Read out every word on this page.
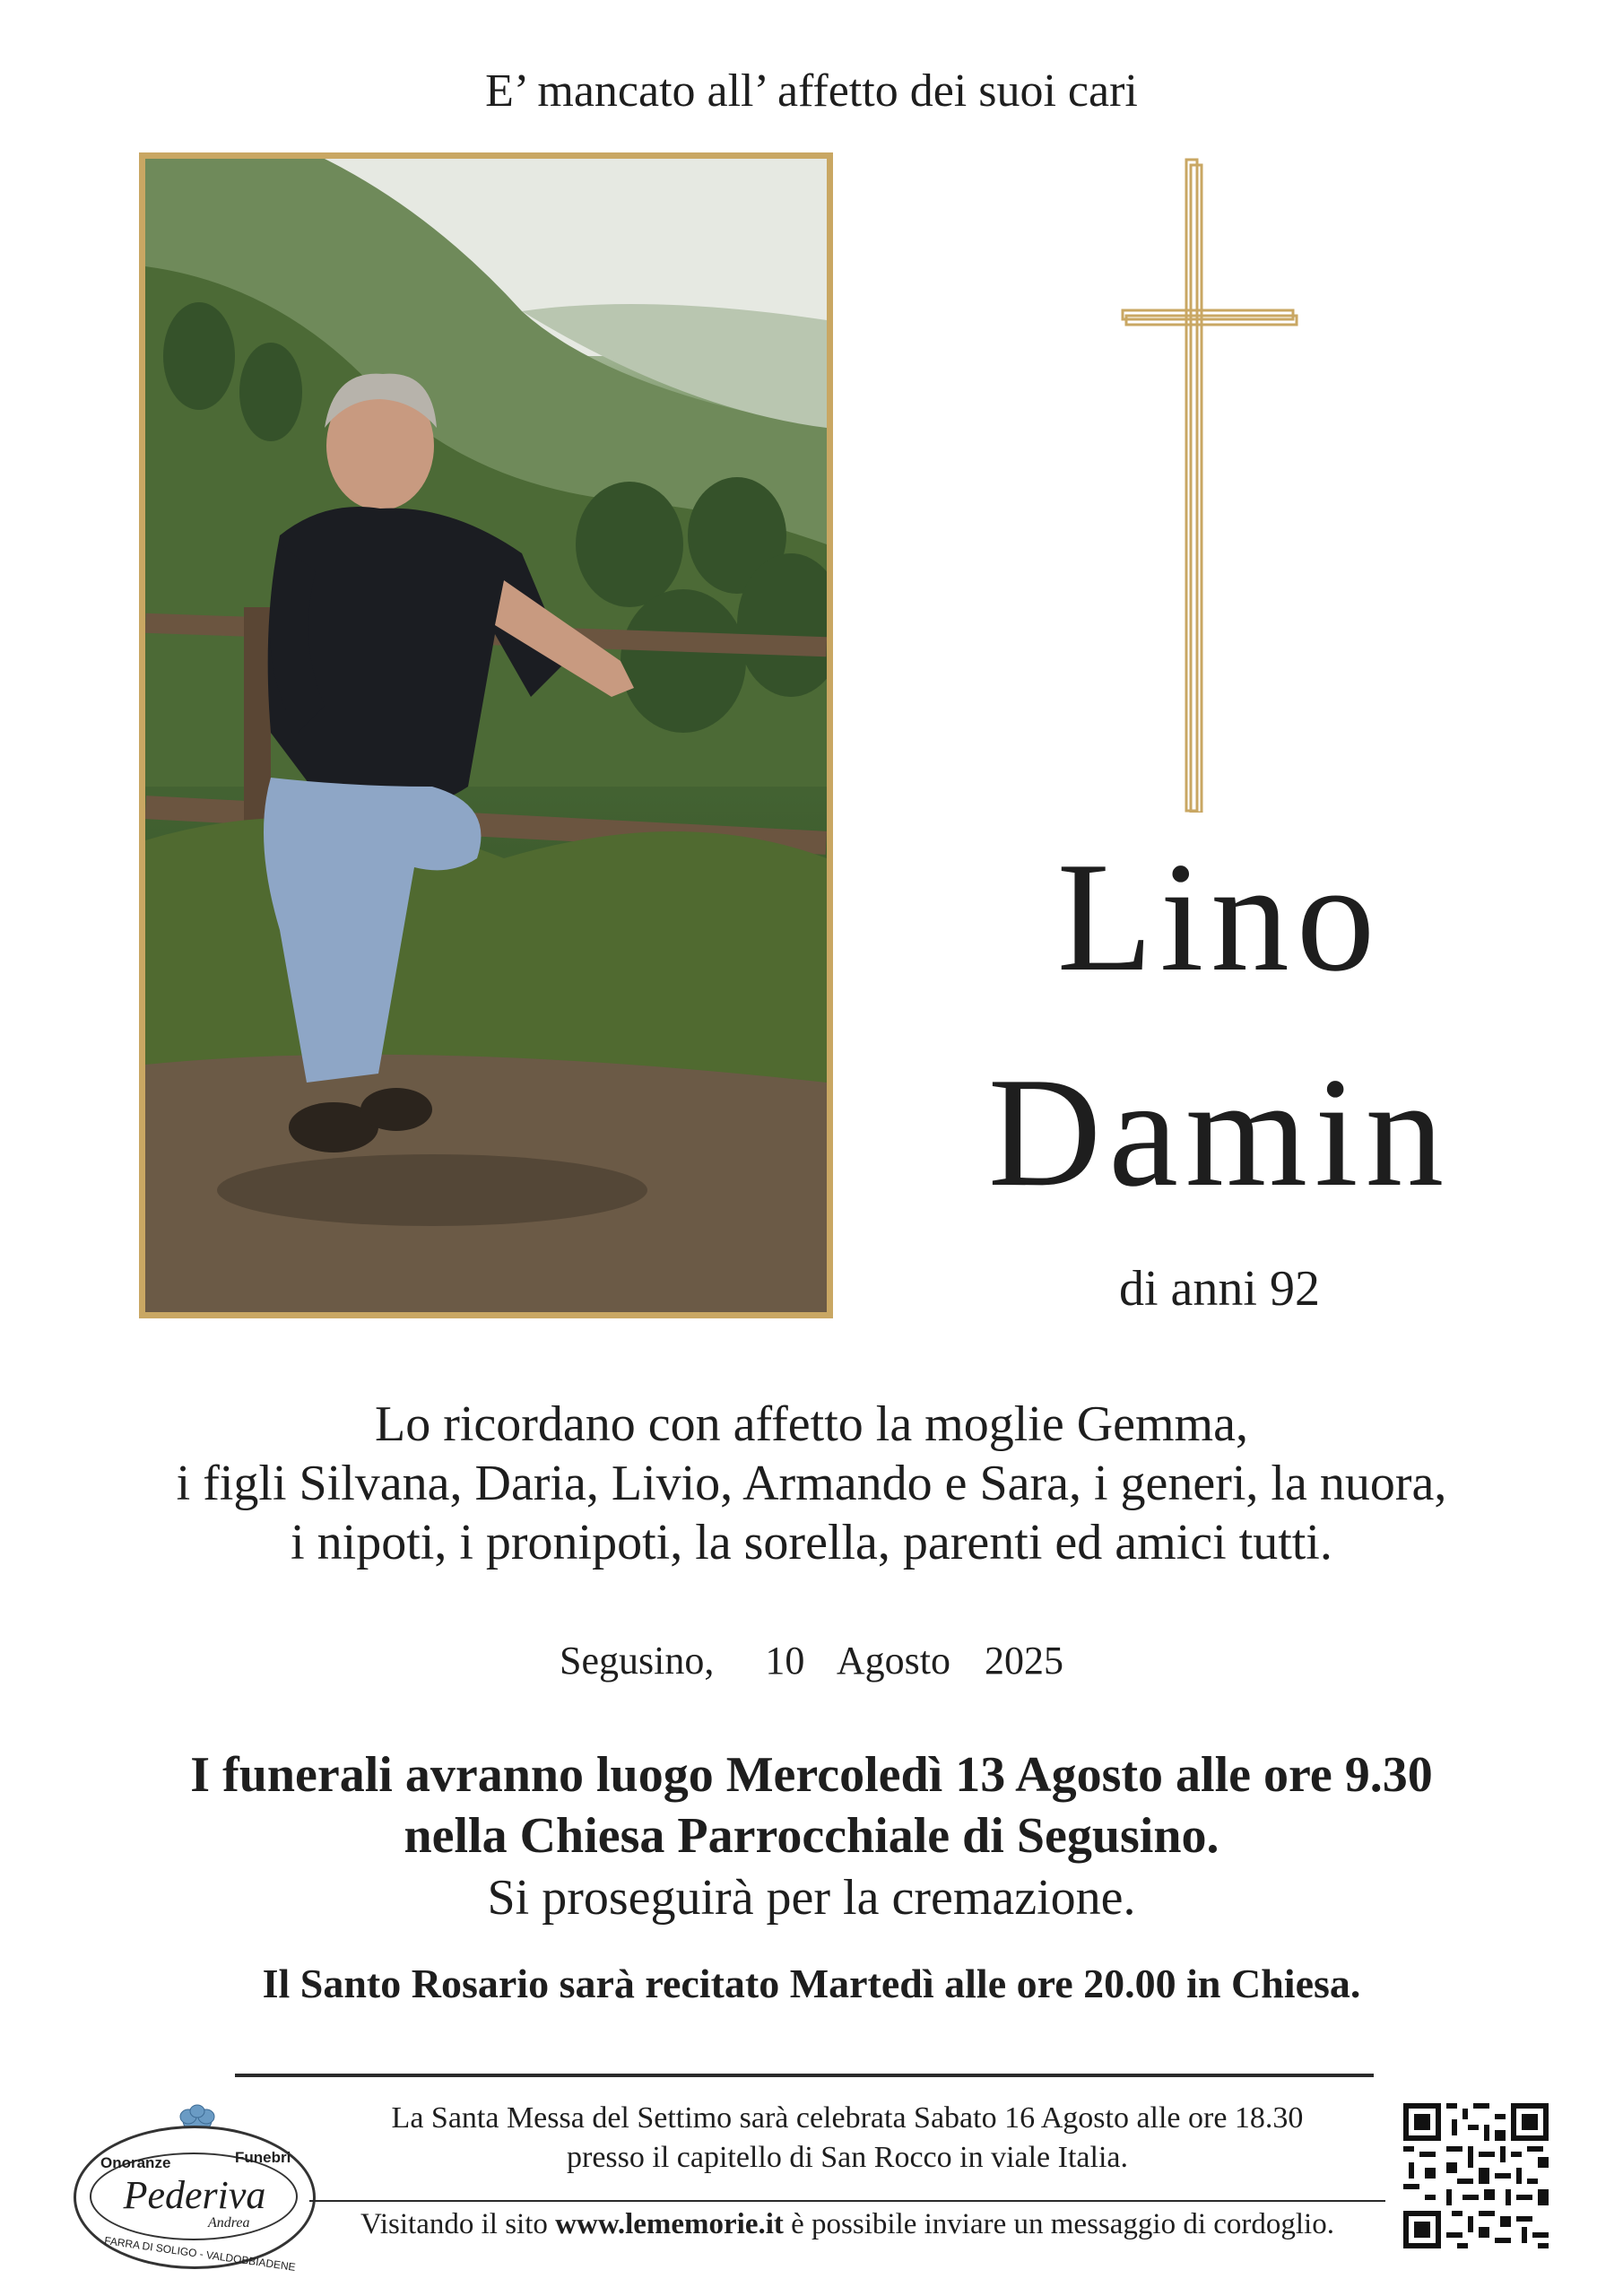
E’ mancato all’ affetto dei suoi cari
Lino
Damin
di anni 92
Lo ricordano con affetto la moglie Gemma,
i figli Silvana, Daria, Livio, Armando e Sara, i generi, la nuora,
i nipoti, i pronipoti, la sorella, parenti ed amici tutti.
Segusino,   10  Agosto  2025
I funerali avranno luogo Mercoledì 13 Agosto alle ore 9.30
nella Chiesa Parrocchiale di Segusino.
Si proseguirà per la cremazione.
Il Santo Rosario sarà recitato Martedì alle ore 20.00 in Chiesa.
Onoranze	Funebri
Pederiva
Andrea
FARRA DI SOLIGO - VALDOBBIADENE
La Santa Messa del Settimo sarà celebrata Sabato 16 Agosto alle ore 18.30
presso il capitello di San Rocco in viale Italia.
Visitando il sito www.lememorie.it è possibile inviare un messaggio di cordoglio.
